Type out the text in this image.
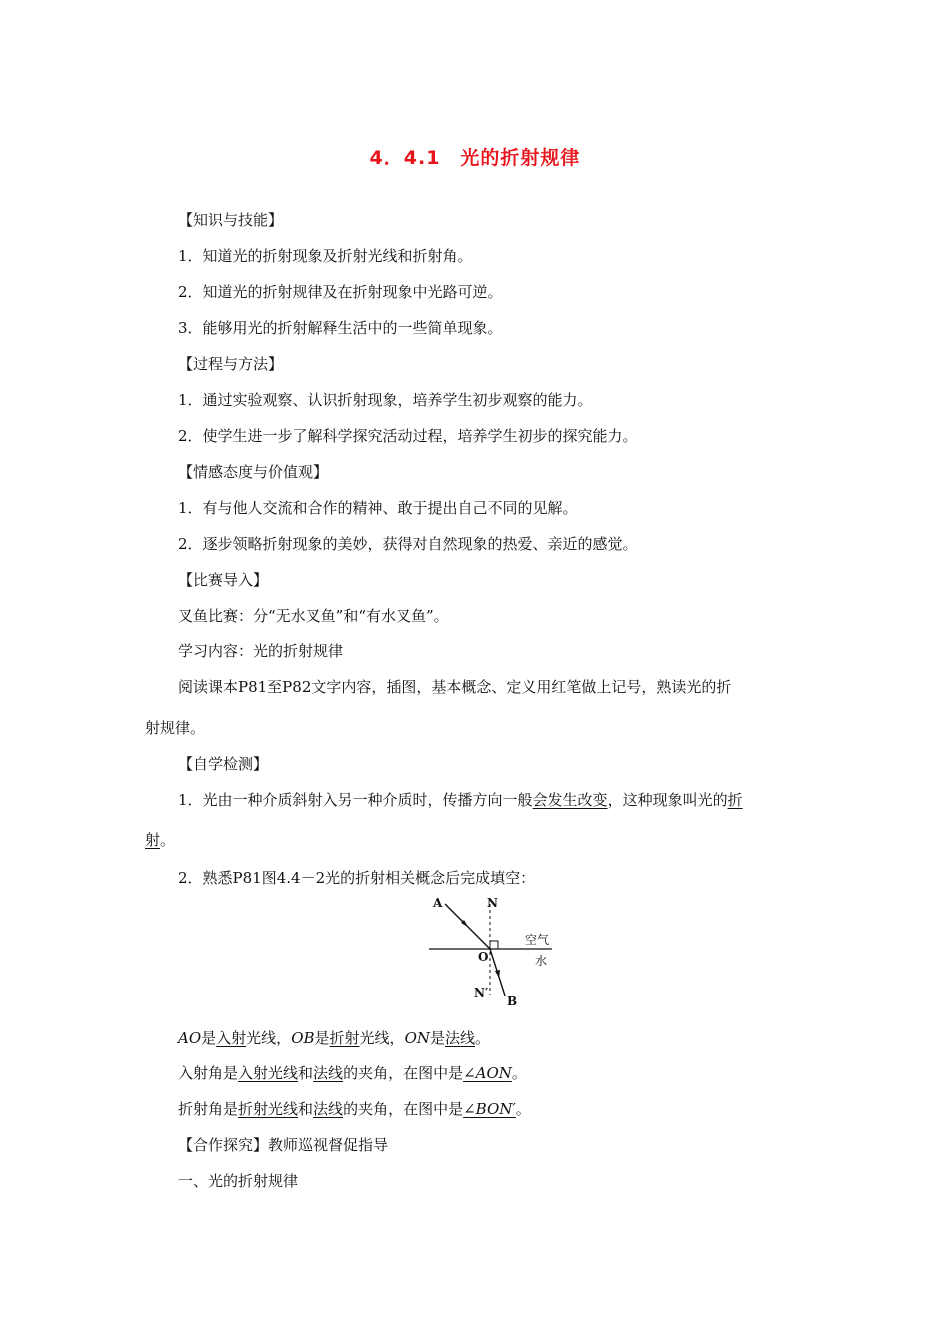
4．4.1　光的折射规律
【知识与技能】
1．知道光的折射现象及折射光线和折射角。
2．知道光的折射规律及在折射现象中光路可逆。
3．能够用光的折射解释生活中的一些简单现象。
【过程与方法】
1．通过实验观察、认识折射现象，培养学生初步观察的能力。
2．使学生进一步了解科学探究活动过程，培养学生初步的探究能力。
【情感态度与价值观】
1．有与他人交流和合作的精神、敢于提出自己不同的见解。
2．逐步领略折射现象的美妙，获得对自然现象的热爱、亲近的感觉。
【比赛导入】
叉鱼比赛：分“无水叉鱼”和“有水叉鱼”。
学习内容：光的折射规律
阅读课本P81至P82文字内容，插图，基本概念、定义用红笔做上记号，熟读光的折
射规律。
【自学检测】
1．光由一种介质斜射入另一种介质时，传播方向一般会发生改变，这种现象叫光的折
射。
2．熟悉P81图4.4－2光的折射相关概念后完成填空：
A	N
O
N′
B
空气
水
AO是入射光线，OB是折射光线，ON是法线。
入射角是入射光线和法线的夹角，在图中是∠AON。
折射角是折射光线和法线的夹角，在图中是∠BON′。
【合作探究】教师巡视督促指导
一、光的折射规律
